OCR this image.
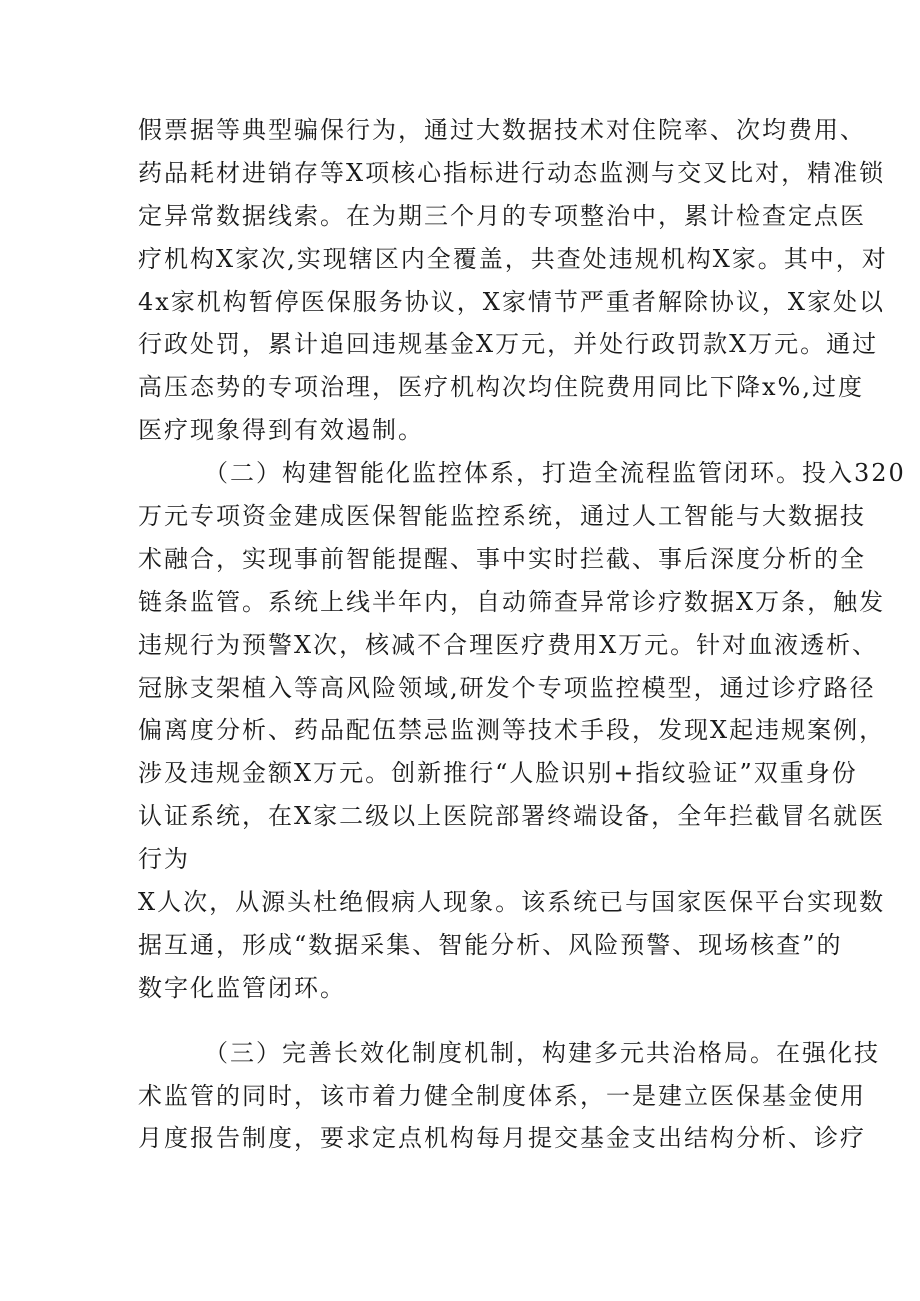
假票据等典型骗保行为，通过大数据技术对住院率、次均费用、
药品耗材进销存等X项核心指标进行动态监测与交叉比对，精准锁
定异常数据线索。在为期三个月的专项整治中，累计检查定点医
疗机构X家次,实现辖区内全覆盖，共查处违规机构X家。其中，对
4x家机构暂停医保服务协议，X家情节严重者解除协议，X家处以
行政处罚，累计追回违规基金X万元，并处行政罚款X万元。通过
高压态势的专项治理，医疗机构次均住院费用同比下降x%,过度
医疗现象得到有效遏制。
（二）构建智能化监控体系，打造全流程监管闭环。投入320
万元专项资金建成医保智能监控系统，通过人工智能与大数据技
术融合，实现事前智能提醒、事中实时拦截、事后深度分析的全
链条监管。系统上线半年内，自动筛查异常诊疗数据X万条，触发
违规行为预警X次，核减不合理医疗费用X万元。针对血液透析、
冠脉支架植入等高风险领域,研发个专项监控模型，通过诊疗路径
偏离度分析、药品配伍禁忌监测等技术手段，发现X起违规案例，
涉及违规金额X万元。创新推行“人脸识别+指纹验证”双重身份
认证系统，在X家二级以上医院部署终端设备，全年拦截冒名就医
行为
X人次，从源头杜绝假病人现象。该系统已与国家医保平台实现数
据互通，形成“数据采集、智能分析、风险预警、现场核查”的
数字化监管闭环。
（三）完善长效化制度机制，构建多元共治格局。在强化技
术监管的同时，该市着力健全制度体系，一是建立医保基金使用
月度报告制度，要求定点机构每月提交基金支出结构分析、诊疗
